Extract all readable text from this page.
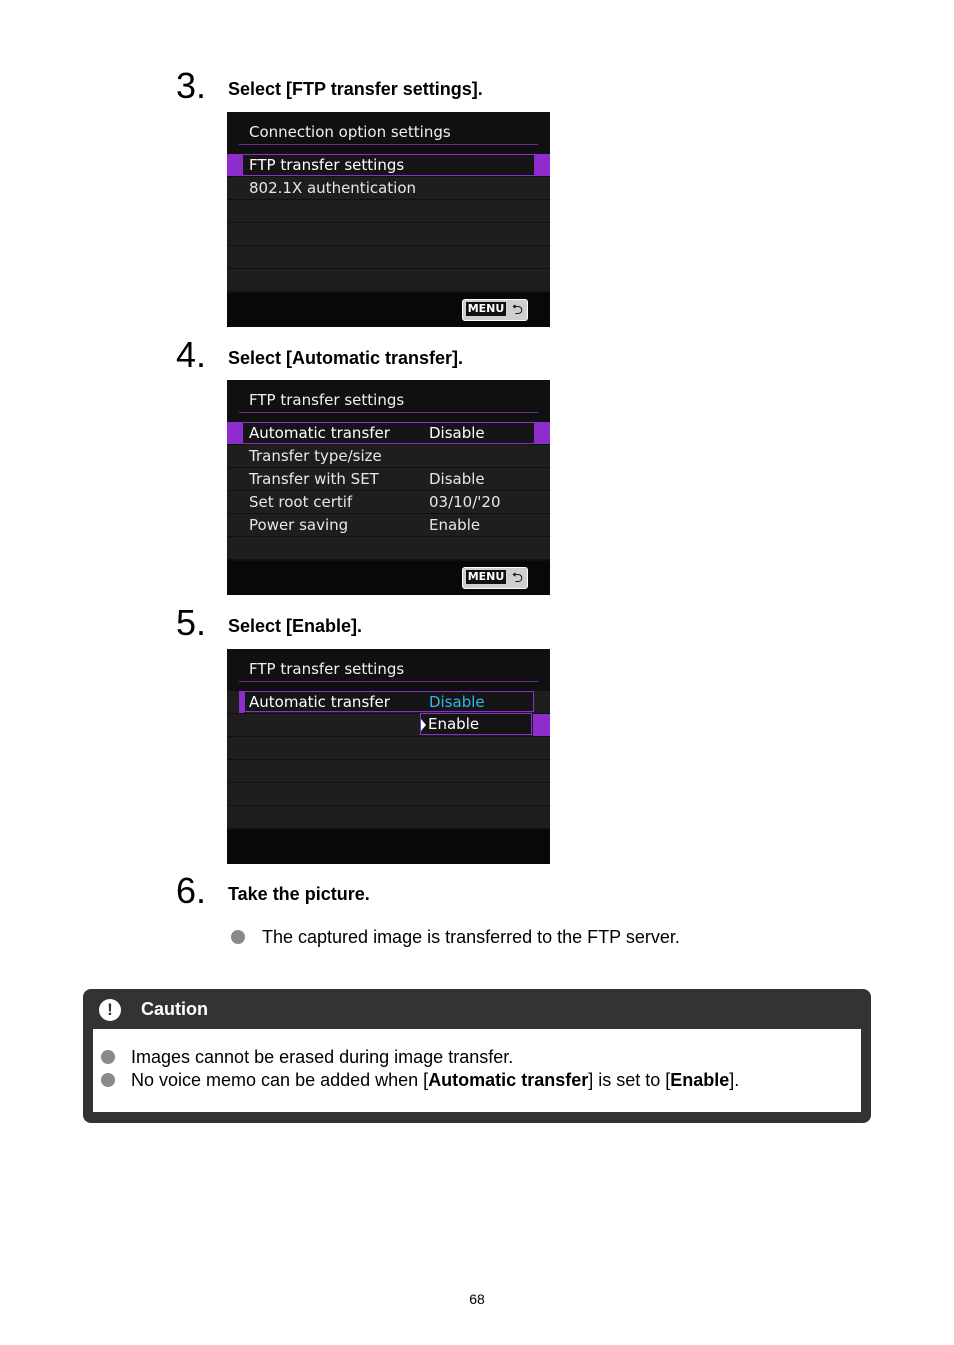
3. Select [FTP transfer settings].
Connection option settings
FTP transfer settings
802.1X authentication
MENU ⮌
4. Select [Automatic transfer].
FTP transfer settings
Automatic transfer	Disable
Transfer type/size
Transfer with SET	Disable
Set root certif	03/10/'20
Power saving	Enable
MENU ⮌
5. Select [Enable].
FTP transfer settings
Automatic transfer	Disable
Enable
6. Take the picture.
The captured image is transferred to the FTP server.
!	Caution
Images cannot be erased during image transfer.
No voice memo can be added when [Automatic transfer] is set to [Enable].
68
